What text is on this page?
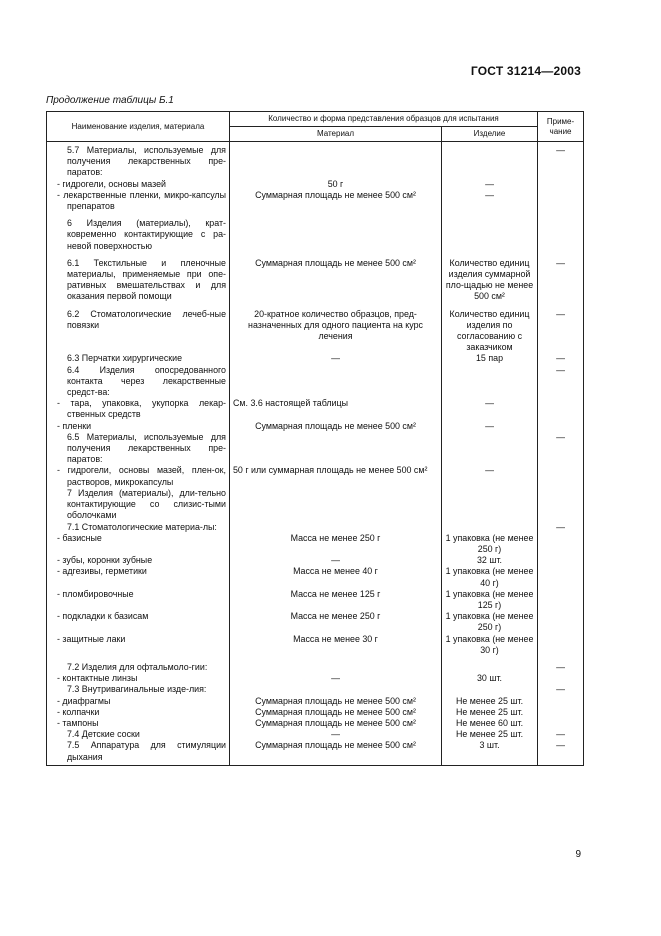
ГОСТ 31214—2003
Продолжение таблицы Б.1
Наименование изделия, материала	Количество и форма представления образцов для испытания		Приме-чание
	Материал	Изделие	
5.7 Материалы, используемые для получения лекарственных пре-паратов:			—
- гидрогели, основы мазей	50 г	—	
- лекарственные пленки, микро-капсулы препаратов	Суммарная площадь не менее 500 см²	—	

6 Изделия (материалы), крат-ковременно контактирующие с ра-невой поверхностью			

6.1 Текстильные и пленочные материалы, применяемые при опе-ративных вмешательствах и для оказания первой помощи	Суммарная площадь не менее 500 см²	Количество единиц изделия суммарной пло-щадью не менее 500 см²	—

6.2 Стоматологические лечеб-ные повязки	20-кратное количество образцов, пред-назначенных для одного пациента на курс лечения	Количество единиц изделия по согласованию с заказчиком	—
6.3 Перчатки хирургические	—	15 пар	—
6.4 Изделия опосредованного контакта через лекарственные средст-ва:			—
- тара, упаковка, укупорка лекар-ственных средств	См. 3.6 настоящей таблицы	—	
- пленки	Суммарная площадь не менее 500 см²	—	
6.5 Материалы, используемые для получения лекарственных пре-паратов:			—
- гидрогели, основы мазей, плен-ок, растворов, микрокапсулы	50 г или суммарная площадь не менее 500 см²	—	
7 Изделия (материалы), дли-тельно контактирующие со слизис-тыми оболочками			
7.1 Стоматологические материа-лы:			—
- базисные	Масса не менее 250 г	1 упаковка (не менее 250 г)	
- зубы, коронки зубные	—	32 шт.	
- адгезивы, герметики	Масса не менее 40 г	1 упаковка (не менее 40 г)	
- пломбировочные	Масса не менее 125 г	1 упаковка (не менее 125 г)	
- подкладки к базисам	Масса не менее 250 г	1 упаковка (не менее 250 г)	
- защитные лаки	Масса не менее 30 г	1 упаковка (не менее 30 г)	

7.2 Изделия для офтальмоло-гии:			—
- контактные линзы	—	30 шт.	
7.3 Внутривагинальные изде-лия:			—
- диафрагмы	Суммарная площадь не менее 500 см²	Не менее 25 шт.	
- колпачки	Суммарная площадь не менее 500 см²	Не менее 25 шт.	
- тампоны	Суммарная площадь не менее 500 см²	Не менее 60 шт.	
7.4 Детские соски	—	Не менее 25 шт.	—
7.5 Аппаратура для стимуляции дыхания	Суммарная площадь не менее 500 см²	3 шт.	—
9
